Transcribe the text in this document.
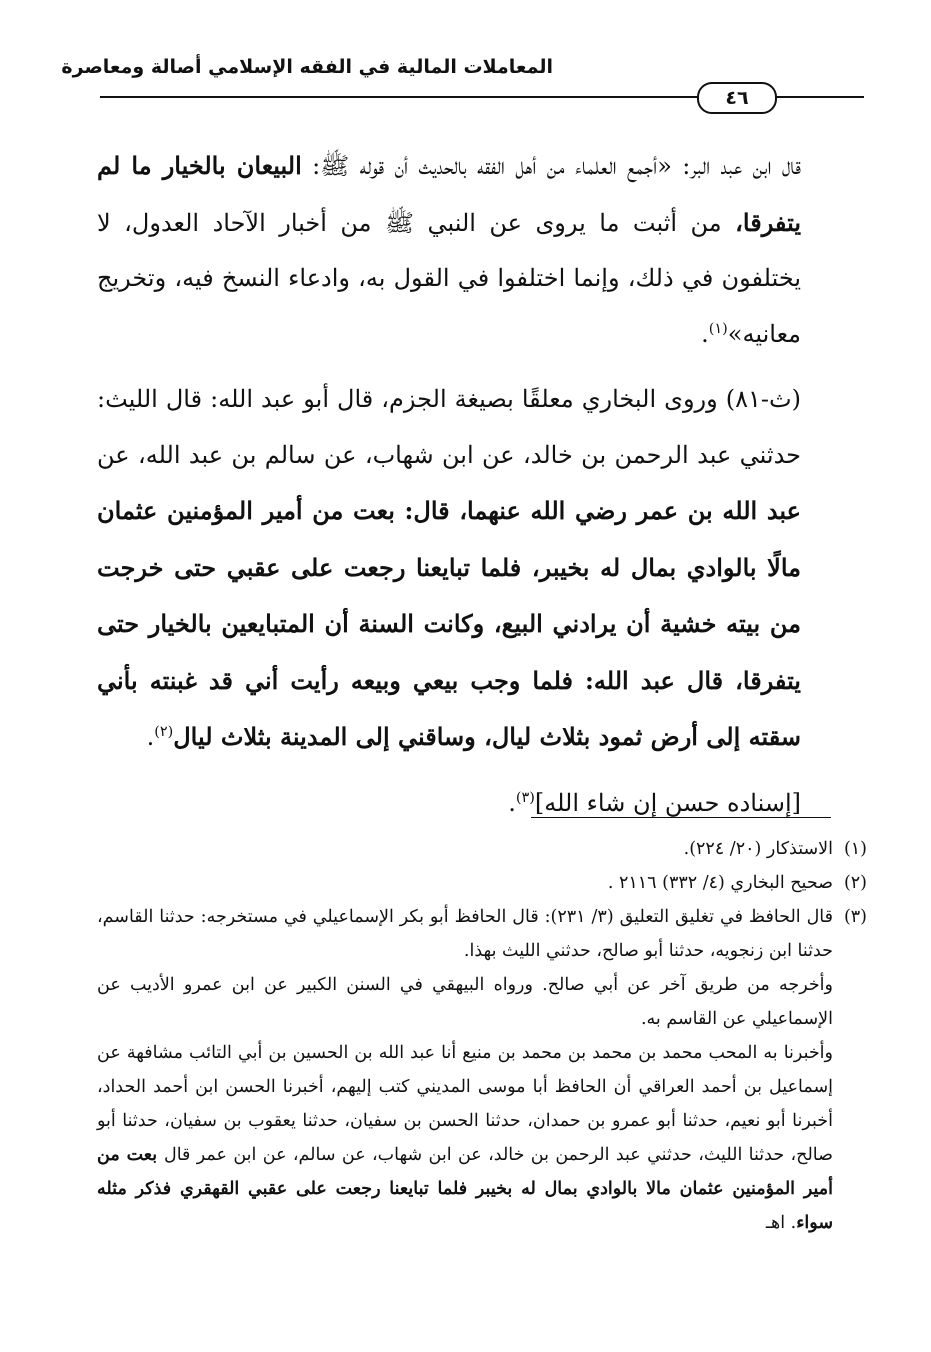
المعاملات المالية في الفقه الإسلامي أصالة ومعاصرة
٤٦

قال ابن عبد البر: «أجمع العلماء من أهل الفقه بالحديث أن قوله ﷺ: البيعان بالخيار ما لم يتفرقا، من أثبت ما يروى عن النبي ﷺ من أخبار الآحاد العدول، لا يختلفون في ذلك، وإنما اختلفوا في القول به، وادعاء النسخ فيه، وتخريج معانيه»$^{(١)}$.

(ث-٨١) وروى البخاري معلقًا بصيغة الجزم، قال أبو عبد الله: قال الليث: حدثني عبد الرحمن بن خالد، عن ابن شهاب، عن سالم بن عبد الله، عن عبد الله بن عمر رضي الله عنهما، قال: بعت من أمير المؤمنين عثمان مالًا بالوادي بمال له بخيبر، فلما تبايعنا رجعت على عقبي حتى خرجت من بيته خشية أن يرادني البيع، وكانت السنة أن المتبايعين بالخيار حتى يتفرقا، قال عبد الله: فلما وجب بيعي وبيعه رأيت أني قد غبنته بأني سقته إلى أرض ثمود بثلاث ليال، وساقني إلى المدينة بثلاث ليال$^{(٢)}$.

[إسناده حسن إن شاء الله]$^{(٣)}$.

(١)
الاستذكار (٢٠/ ٢٢٤).
(٢)
صحيح البخاري (٤/ ٣٣٢) ٢١١٦ .
(٣)

قال الحافظ في تغليق التعليق (٣/ ٢٣١): قال الحافظ أبو بكر الإسماعيلي في مستخرجه: حدثنا القاسم، حدثنا ابن زنجويه، حدثنا أبو صالح، حدثني الليث بهذا.

وأخرجه من طريق آخر عن أبي صالح. ورواه البيهقي في السنن الكبير عن ابن عمرو الأديب عن الإسماعيلي عن القاسم به.

وأخبرنا به المحب محمد بن محمد بن محمد بن منيع أنا عبد الله بن الحسين بن أبي التائب مشافهة عن إسماعيل بن أحمد العراقي أن الحافظ أبا موسى المديني كتب إليهم، أخبرنا الحسن ابن أحمد الحداد، أخبرنا أبو نعيم، حدثنا أبو عمرو بن حمدان، حدثنا الحسن بن سفيان، حدثنا يعقوب بن سفيان، حدثنا أبو صالح، حدثنا الليث، حدثني عبد الرحمن بن خالد، عن ابن شهاب، عن سالم، عن ابن عمر قال بعت من أمير المؤمنين عثمان مالا بالوادي بمال له بخيبر فلما تبايعنا رجعت على عقبي القهقري فذكر مثله سواء. اهـ
